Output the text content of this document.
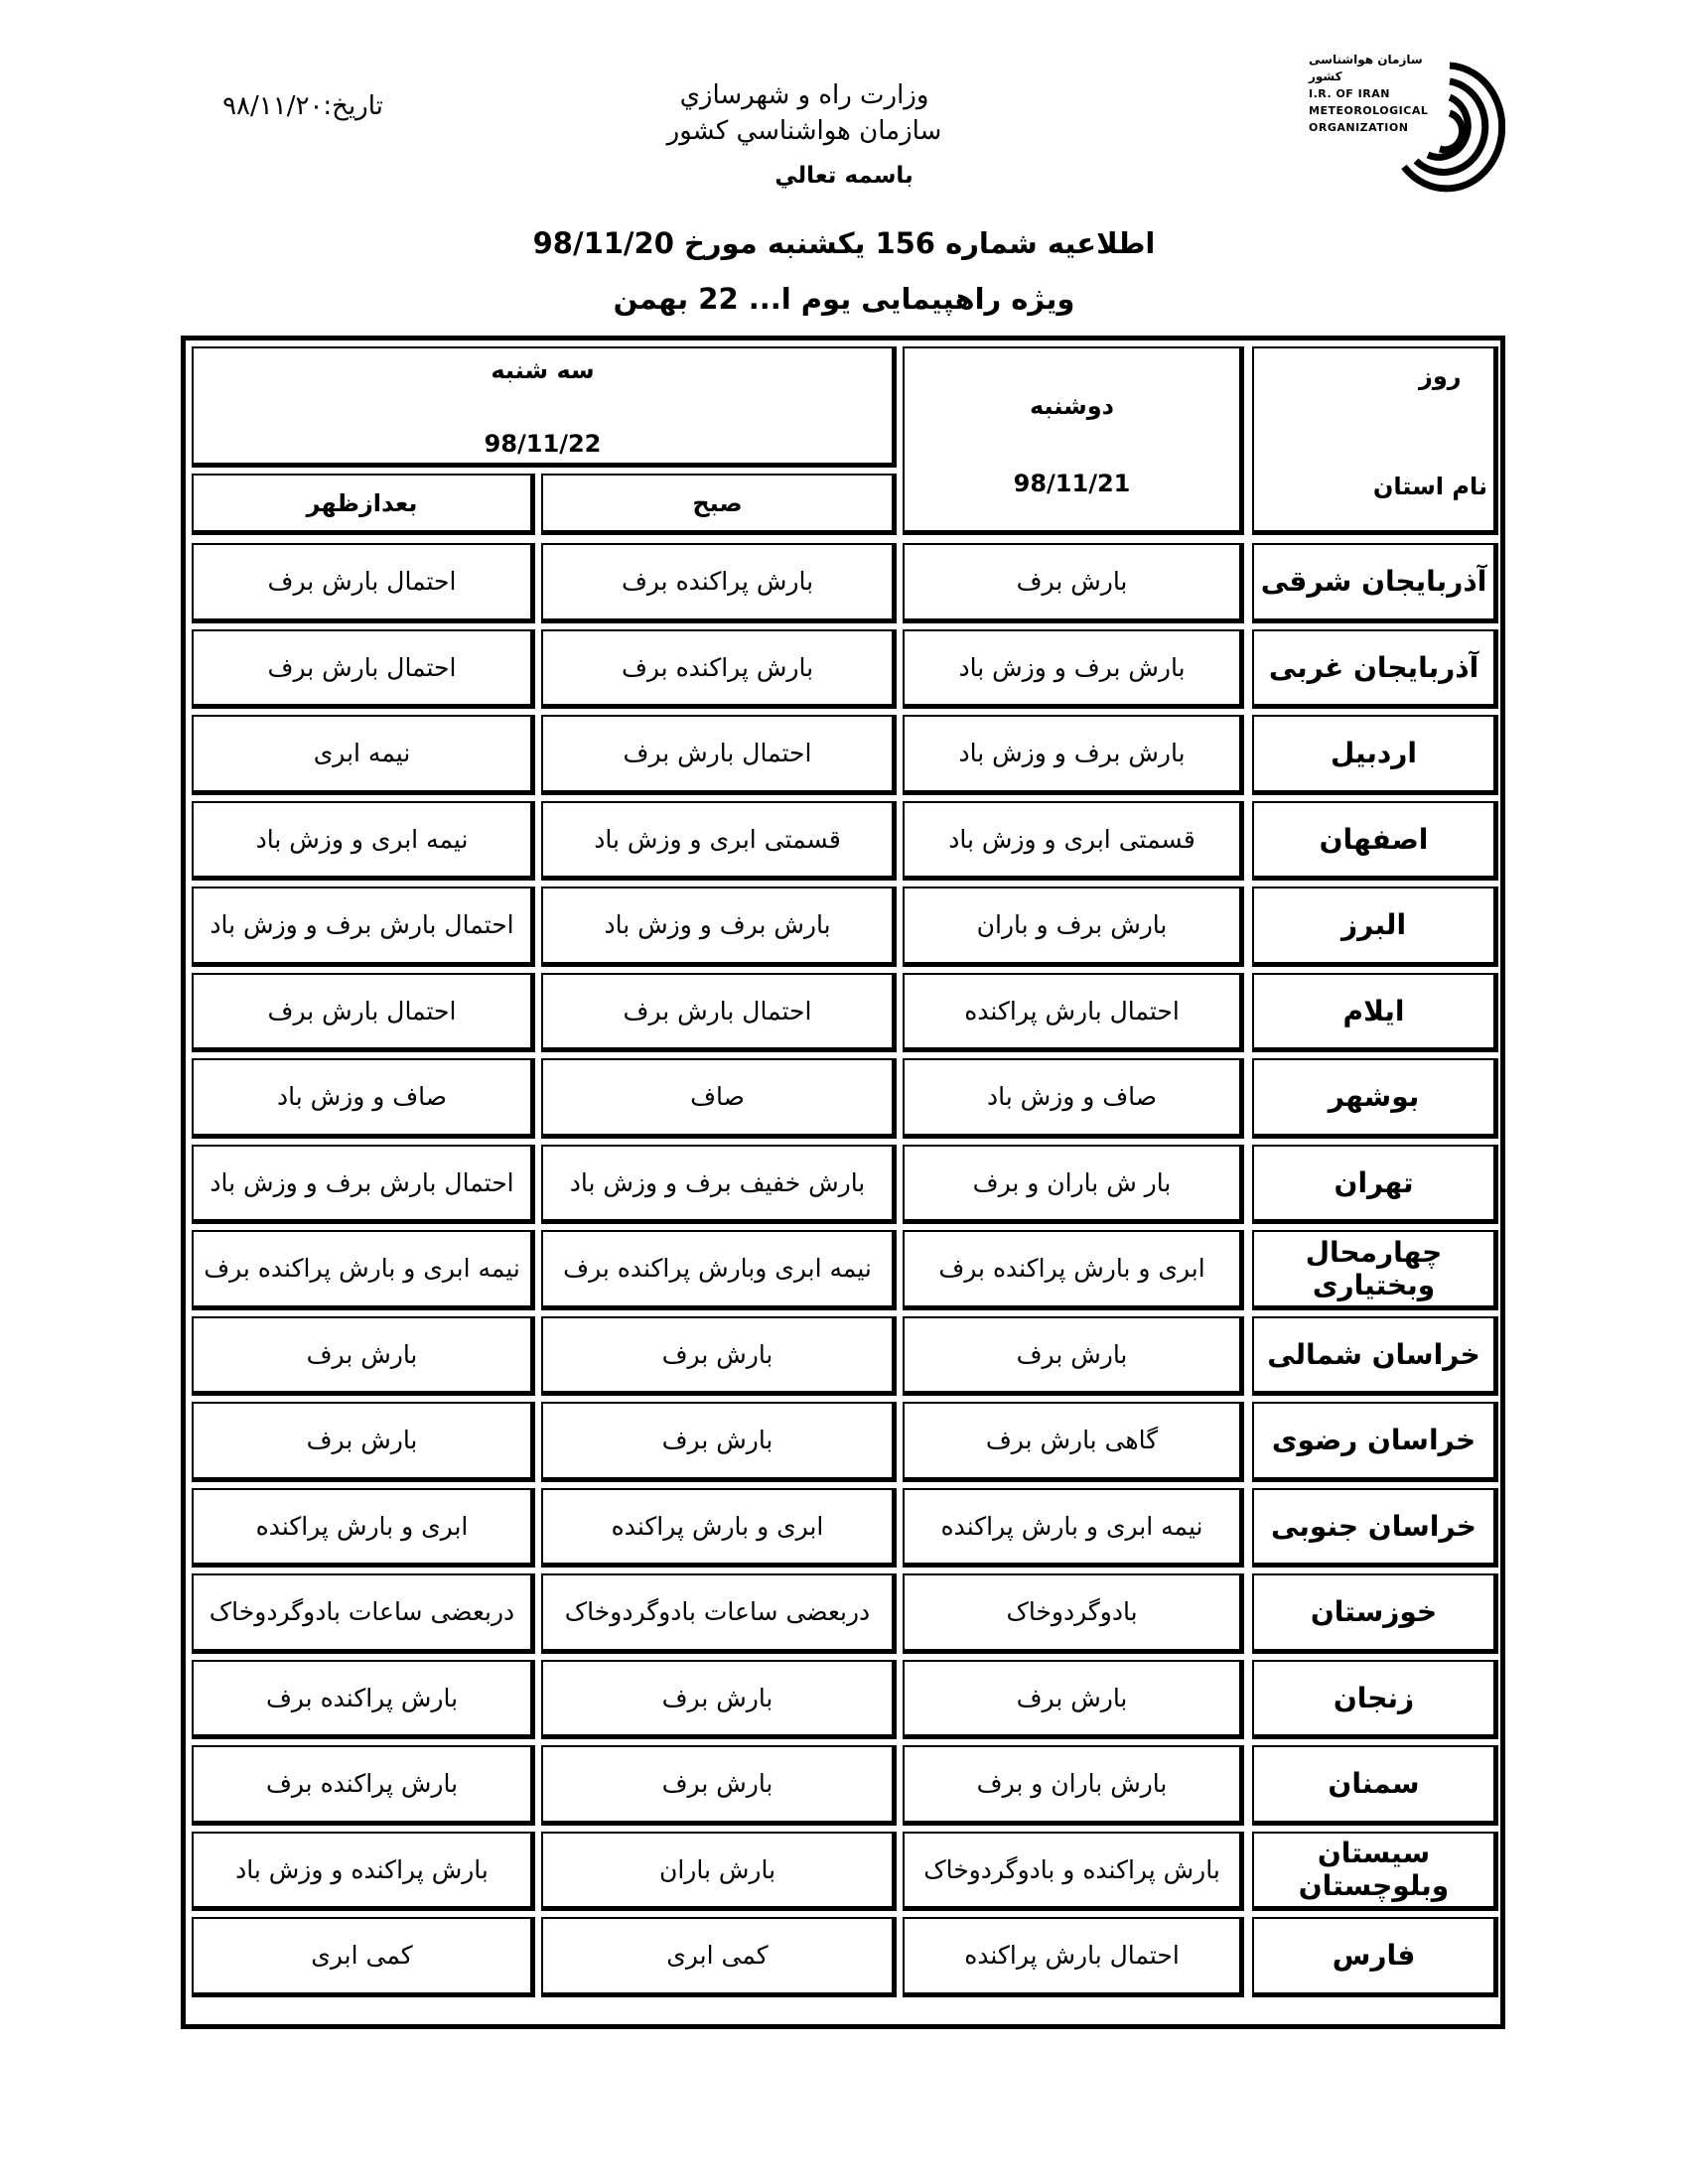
سازمان هواشناسی کشور
I.R. OF IRAN
METEOROLOGICAL
ORGANIZATION
وزارت راه و شهرسازي
سازمان هواشناسي كشور
تاریخ:۹۸/۱۱/۲۰
باسمه تعالي
اطلاعيه شماره 156 يكشنبه مورخ 98/11/20
ویژه راهپیمایی یوم ا... 22 بهمن
روز
نام استان
دوشنبه
98/11/21
سه شنبه
98/11/22
صبح
بعدازظهر
آذربایجان شرقی
بارش برف
بارش پراکنده برف
احتمال بارش برف
آذربایجان غربی
بارش برف و وزش باد
بارش پراکنده برف
احتمال بارش برف
اردبیل
بارش برف و وزش باد
احتمال بارش برف
نیمه ابری
اصفهان
قسمتی ابری و وزش باد
قسمتی ابری و وزش باد
نیمه ابری و وزش باد
البرز
بارش برف و باران
بارش برف و وزش باد
احتمال بارش برف و وزش باد
ایلام
احتمال بارش پراکنده
احتمال بارش برف
احتمال بارش برف
بوشهر
صاف و وزش باد
صاف
صاف و وزش باد
تهران
بار ش باران و برف
بارش خفیف برف و وزش باد
احتمال بارش برف و وزش باد
چهارمحال وبختیاری
ابری و بارش پراکنده برف
نیمه ابری وبارش پراکنده برف
نیمه ابری و بارش پراکنده برف
خراسان شمالی
بارش برف
بارش برف
بارش برف
خراسان رضوی
گاهی بارش برف
بارش برف
بارش برف
خراسان جنوبی
نیمه ابری و بارش پراکنده
ابری و بارش پراکنده
ابری و بارش پراکنده
خوزستان
بادوگردوخاک
دربعضی ساعات بادوگردوخاک
دربعضی ساعات بادوگردوخاک
زنجان
بارش برف
بارش برف
بارش پراکنده برف
سمنان
بارش باران و برف
بارش برف
بارش پراکنده برف
سیستان وبلوچستان
بارش پراکنده و بادوگردوخاک
بارش باران
بارش پراکنده و وزش باد
فارس
احتمال بارش پراکنده
کمی ابری
کمی ابری
